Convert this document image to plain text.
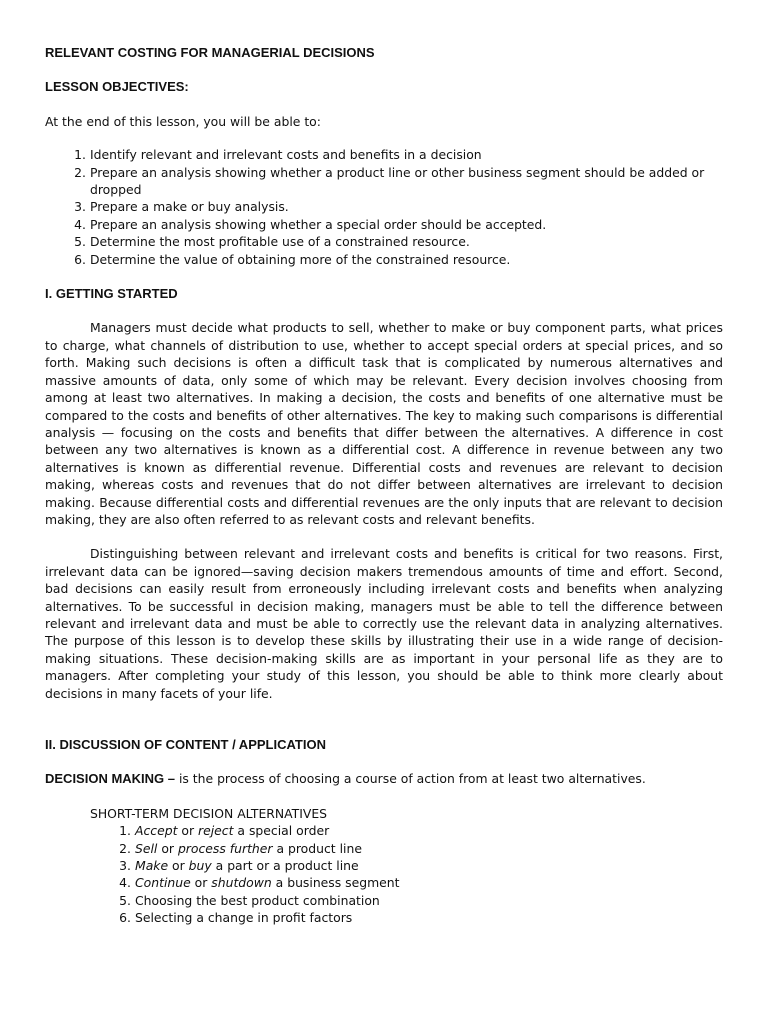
RELEVANT COSTING FOR MANAGERIAL DECISIONS
LESSON OBJECTIVES:

At the end of this lesson, you will be able to:

1. Identify relevant and irrelevant costs and benefits in a decision
2. Prepare an analysis showing whether a product line or other business segment should be added or dropped
3. Prepare a make or buy analysis.
4. Prepare an analysis showing whether a special order should be accepted.
5. Determine the most profitable use of a constrained resource.
6. Determine the value of obtaining more of the constrained resource.
I. GETTING STARTED

Managers must decide what products to sell, whether to make or buy component parts, what prices to charge, what channels of distribution to use, whether to accept special orders at special prices, and so forth. Making such decisions is often a difficult task that is complicated by numerous alternatives and massive amounts of data, only some of which may be relevant. Every decision involves choosing from among at least two alternatives. In making a decision, the costs and benefits of one alternative must be compared to the costs and benefits of other alternatives. The key to making such comparisons is differential analysis — focusing on the costs and benefits that differ between the alternatives. A difference in cost between any two alternatives is known as a differential cost. A difference in revenue between any two alternatives is known as differential revenue. Differential costs and revenues are relevant to decision making, whereas costs and revenues that do not differ between alternatives are irrelevant to decision making. Because differential costs and differential revenues are the only inputs that are relevant to decision making, they are also often referred to as relevant costs and relevant benefits.

Distinguishing between relevant and irrelevant costs and benefits is critical for two reasons. First, irrelevant data can be ignored—saving decision makers tremendous amounts of time and effort. Second, bad decisions can easily result from erroneously including irrelevant costs and benefits when analyzing alternatives. To be successful in decision making, managers must be able to tell the difference between relevant and irrelevant data and must be able to correctly use the relevant data in analyzing alternatives. The purpose of this lesson is to develop these skills by illustrating their use in a wide range of decision-making situations. These decision-making skills are as important in your personal life as they are to managers. After completing your study of this lesson, you should be able to think more clearly about decisions in many facets of your life.

II. DISCUSSION OF CONTENT / APPLICATION

DECISION MAKING – is the process of choosing a course of action from at least two alternatives.

SHORT-TERM DECISION ALTERNATIVES
1. Accept or reject a special order
2. Sell or process further a product line
3. Make or buy a part or a product line
4. Continue or shutdown a business segment
5. Choosing the best product combination
6. Selecting a change in profit factors
